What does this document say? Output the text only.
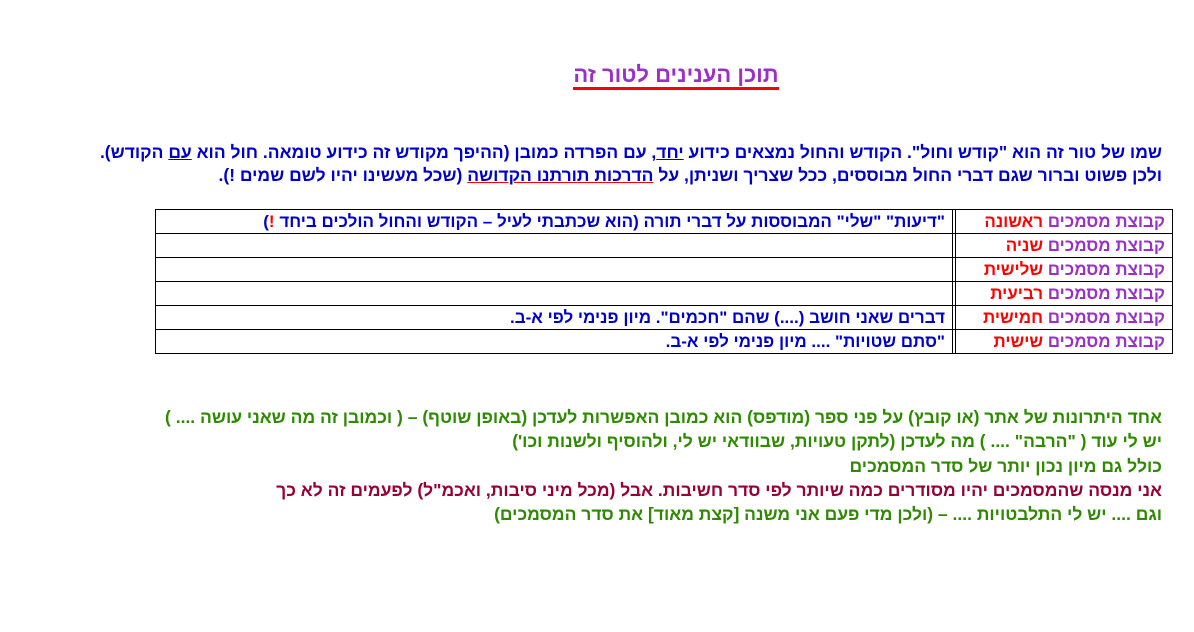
תוכן הענינים לטור זה
שמו של טור זה הוא "קודש וחול". הקודש והחול נמצאים כידוע יחד, עם הפרדה כמובן (ההיפך מקודש זה כידוע טומאה. חול הוא עם הקודש).
ולכן פשוט וברור שגם דברי החול מבוססים, ככל שצריך ושניתן, על הדרכות תורתנו הקדושה (שכל מעשינו יהיו לשם שמים !).
קבוצת מסמכים ראשונה		"דיעות" "שלי" המבוססות על דברי תורה (הוא שכתבתי לעיל – הקודש והחול הולכים ביחד !)
קבוצת מסמכים שניה		
קבוצת מסמכים שלישית		
קבוצת מסמכים רביעית		
קבוצת מסמכים חמישית		דברים שאני חושב (....) שהם "חכמים". מיון פנימי לפי א-ב.
קבוצת מסמכים שישית		"סתם שטויות" .... מיון פנימי לפי א-ב.
אחד היתרונות של אתר (או קובץ) על פני ספר (מודפס) הוא כמובן האפשרות לעדכן (באופן שוטף) – ( וכמובן זה מה שאני עושה .... )
יש לי עוד ( "הרבה" .... ) מה לעדכן (לתקן טעויות, שבוודאי יש לי, ולהוסיף ולשנות וכו')
כולל גם מיון נכון יותר של סדר המסמכים
אני מנסה שהמסמכים יהיו מסודרים כמה שיותר לפי סדר חשיבות. אבל (מכל מיני סיבות, ואכמ"ל) לפעמים זה לא כך
וגם .... יש לי התלבטויות .... – (ולכן מדי פעם אני משנה [קצת מאוד] את סדר המסמכים)
